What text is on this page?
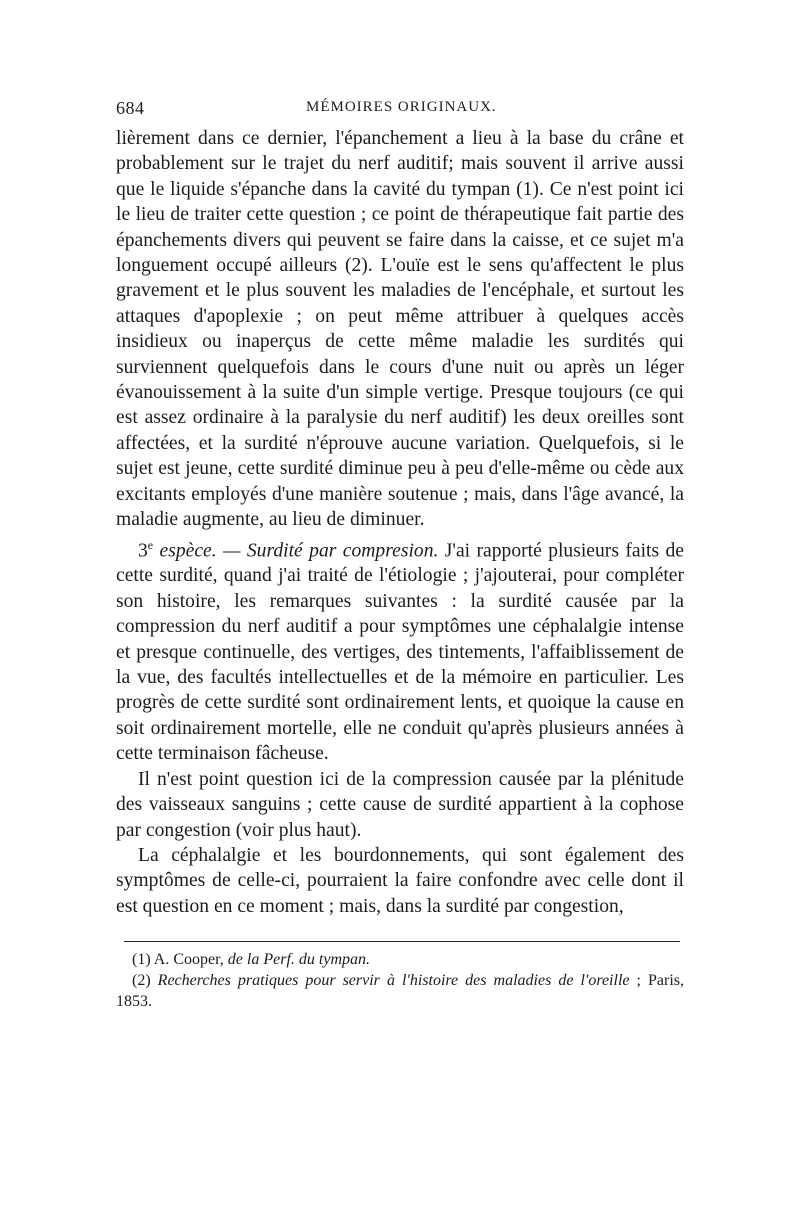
684	MÉMOIRES ORIGINAUX.

lièrement dans ce dernier, l'épanchement a lieu à la base du crâne et probablement sur le trajet du nerf auditif; mais souvent il arrive aussi que le liquide s'épanche dans la cavité du tympan (1). Ce n'est point ici le lieu de traiter cette question ; ce point de thérapeutique fait partie des épanchements divers qui peuvent se faire dans la caisse, et ce sujet m'a longuement occupé ailleurs (2). L'ouïe est le sens qu'affectent le plus gravement et le plus souvent les maladies de l'encéphale, et surtout les attaques d'apoplexie ; on peut même attribuer à quelques accès insidieux ou inaperçus de cette même maladie les surdités qui surviennent quelquefois dans le cours d'une nuit ou après un léger évanouissement à la suite d'un simple vertige. Presque toujours (ce qui est assez ordinaire à la paralysie du nerf auditif) les deux oreilles sont affectées, et la surdité n'éprouve aucune variation. Quelquefois, si le sujet est jeune, cette surdité diminue peu à peu d'elle-même ou cède aux excitants employés d'une manière soutenue ; mais, dans l'âge avancé, la maladie augmente, au lieu de diminuer.

3e espèce. — Surdité par compresion. J'ai rapporté plusieurs faits de cette surdité, quand j'ai traité de l'étiologie ; j'ajouterai, pour compléter son histoire, les remarques suivantes : la surdité causée par la compression du nerf auditif a pour symptômes une céphalalgie intense et presque continuelle, des vertiges, des tintements, l'affaiblissement de la vue, des facultés intellectuelles et de la mémoire en particulier. Les progrès de cette surdité sont ordinairement lents, et quoique la cause en soit ordinairement mortelle, elle ne conduit qu'après plusieurs années à cette terminaison fâcheuse.

Il n'est point question ici de la compression causée par la plénitude des vaisseaux sanguins ; cette cause de surdité appartient à la cophose par congestion (voir plus haut).

La céphalalgie et les bourdonnements, qui sont également des symptômes de celle-ci, pourraient la faire confondre avec celle dont il est question en ce moment ; mais, dans la surdité par congestion,

(1) A. Cooper, de la Perf. du tympan.

(2) Recherches pratiques pour servir à l'histoire des maladies de l'oreille ; Paris, 1853.
